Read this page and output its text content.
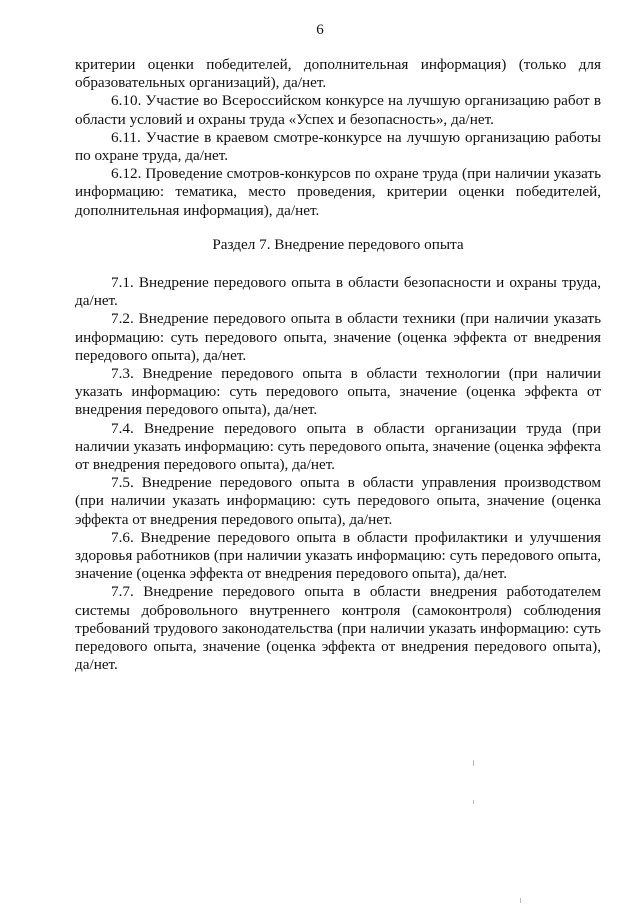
6

критерии оценки победителей, дополнительная информация) (только для образовательных организаций), да/нет.

6.10. Участие во Всероссийском конкурсе на лучшую организацию работ в области условий и охраны труда «Успех и безопасность», да/нет.

6.11. Участие в краевом смотре-конкурсе на лучшую организацию работы по охране труда, да/нет.

6.12. Проведение смотров-конкурсов по охране труда (при наличии указать информацию: тематика, место проведения, критерии оценки победителей, дополнительная информация), да/нет.

Раздел 7. Внедрение передового опыта

7.1. Внедрение передового опыта в области безопасности и охраны труда, да/нет.

7.2. Внедрение передового опыта в области техники (при наличии указать информацию: суть передового опыта, значение (оценка эффекта от внедрения передового опыта), да/нет.

7.3. Внедрение передового опыта в области технологии (при наличии указать информацию: суть передового опыта, значение (оценка эффекта от внедрения передового опыта), да/нет.

7.4. Внедрение передового опыта в области организации труда (при наличии указать информацию: суть передового опыта, значение (оценка эффекта от внедрения передового опыта), да/нет.

7.5. Внедрение передового опыта в области управления производством (при наличии указать информацию: суть передового опыта, значение (оценка эффекта от внедрения передового опыта), да/нет.

7.6. Внедрение передового опыта в области профилактики и улучшения здоровья работников (при наличии указать информацию: суть передового опыта, значение (оценка эффекта от внедрения передового опыта), да/нет.

7.7. Внедрение передового опыта в области внедрения работодателем системы добровольного внутреннего контроля (самоконтроля) соблюдения требований трудового законодательства (при наличии указать информацию: суть передового опыта, значение (оценка эффекта от внедрения передового опыта), да/нет.
